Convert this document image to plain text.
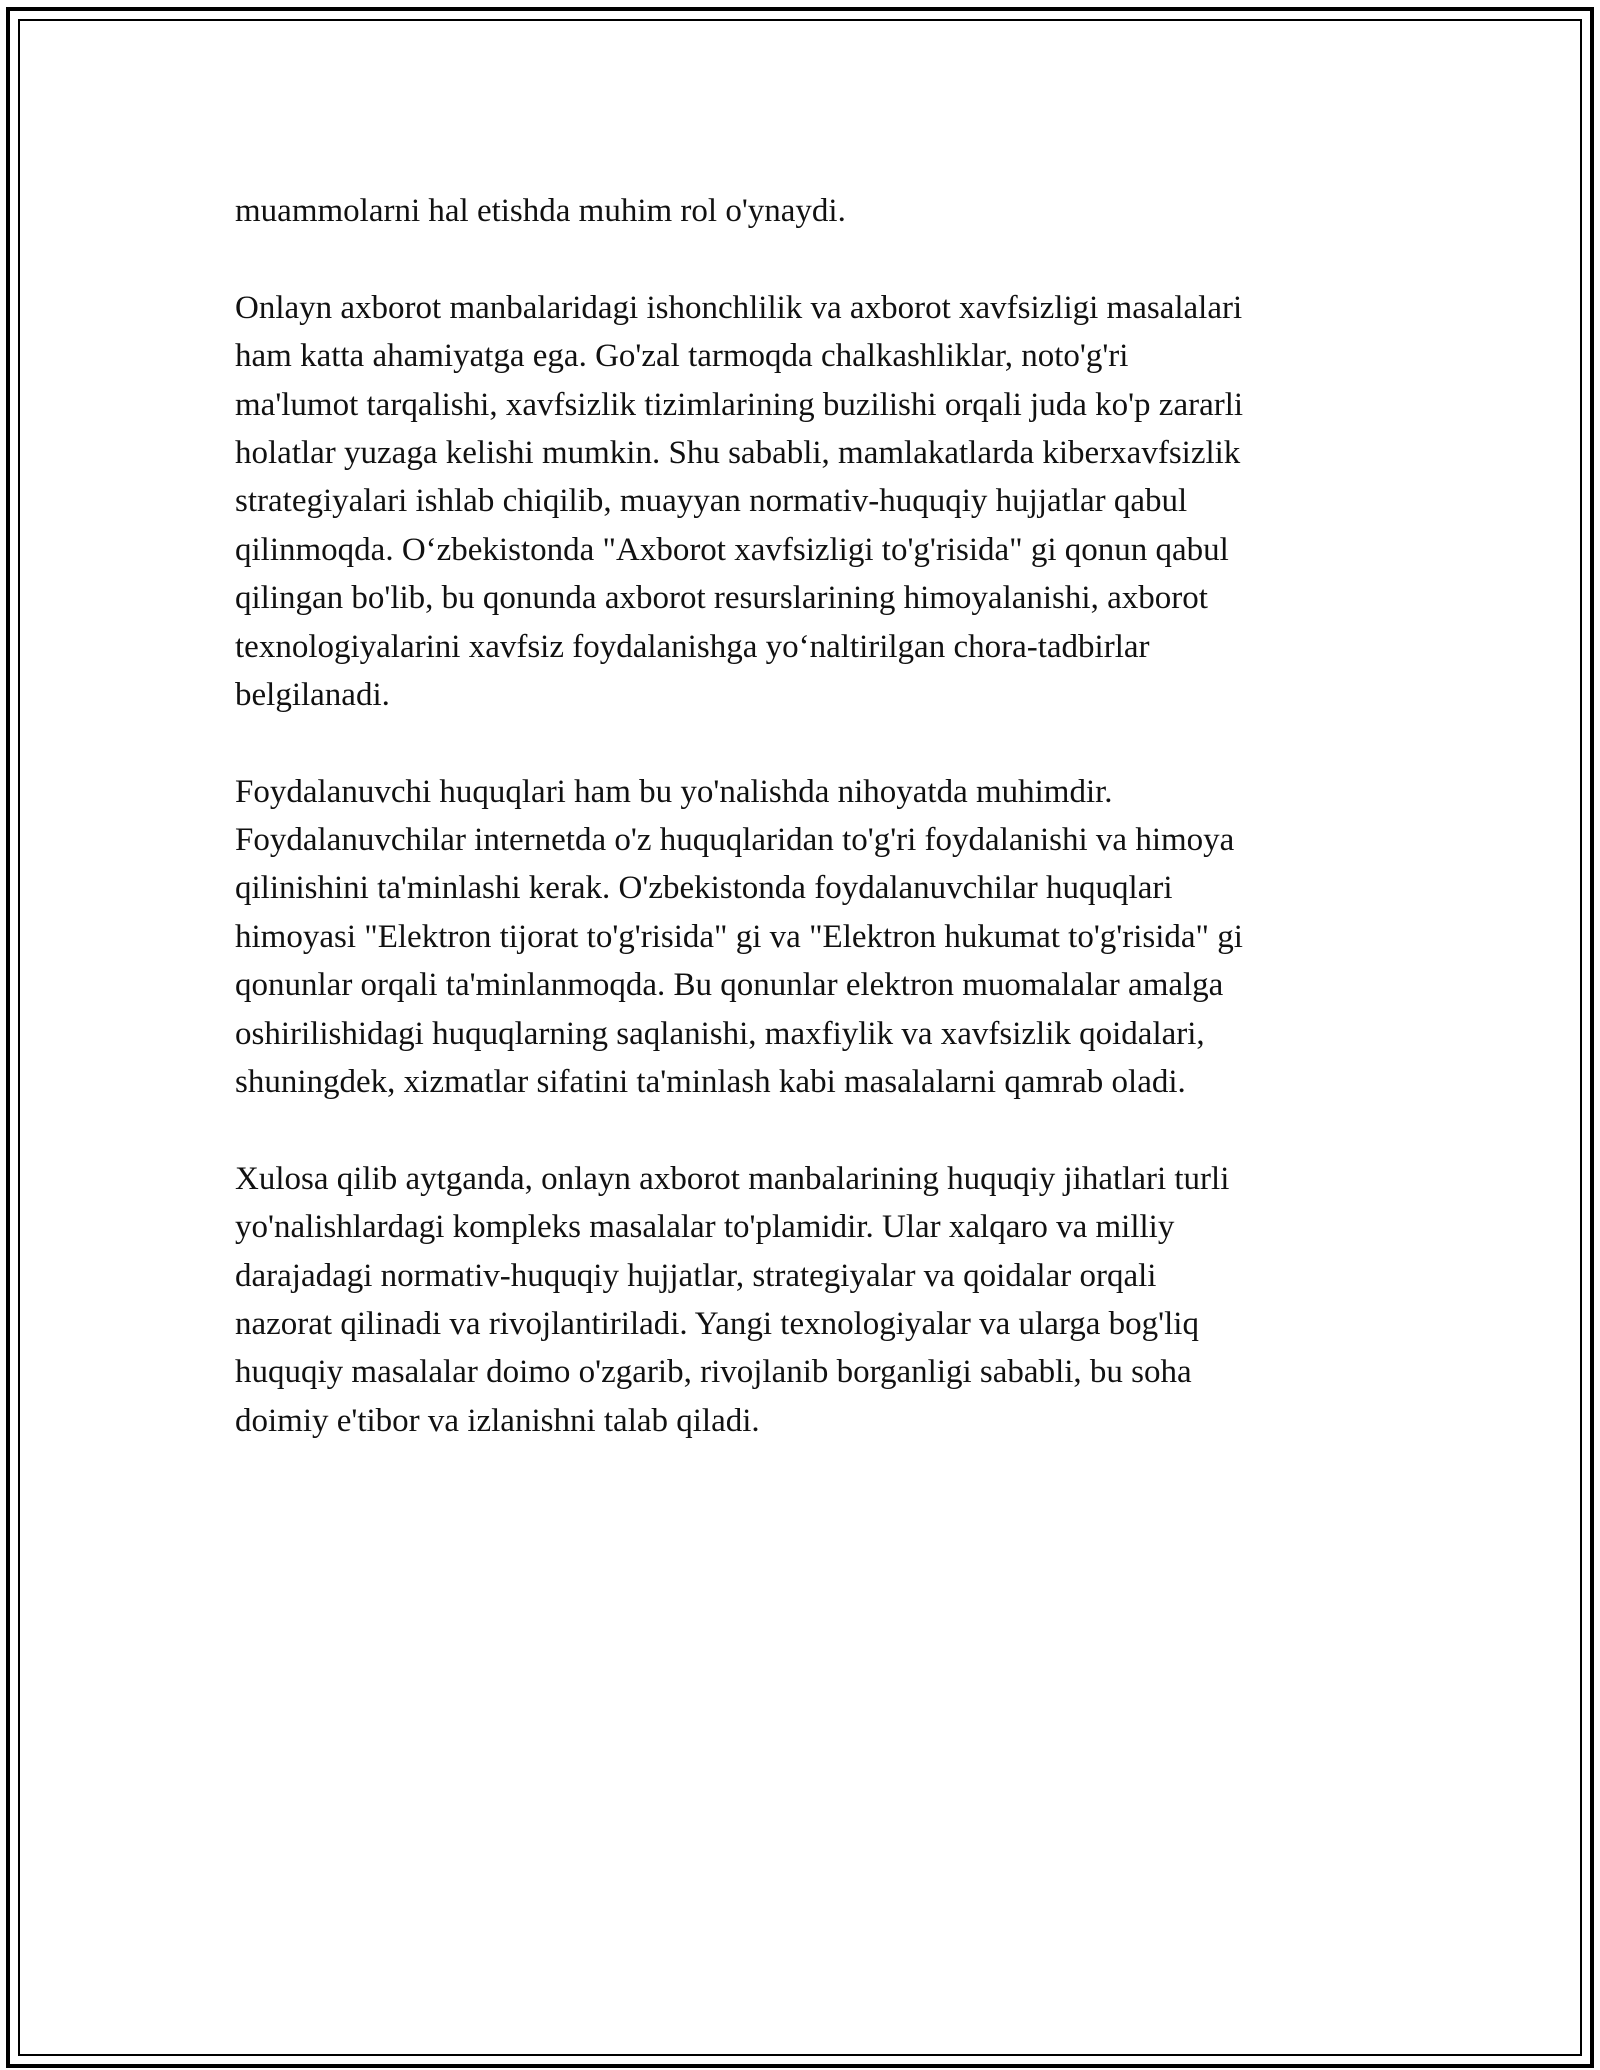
muammolarni hal etishda muhim rol o'ynaydi.
Onlayn axborot manbalaridagi ishonchlilik va axborot xavfsizligi masalalari
ham katta ahamiyatga ega. Go'zal tarmoqda chalkashliklar, noto'g'ri
ma'lumot tarqalishi, xavfsizlik tizimlarining buzilishi orqali juda ko'p zararli
holatlar yuzaga kelishi mumkin. Shu sababli, mamlakatlarda kiberxavfsizlik
strategiyalari ishlab chiqilib, muayyan normativ-huquqiy hujjatlar qabul
qilinmoqda. O‘zbekistonda "Axborot xavfsizligi to'g'risida" gi qonun qabul
qilingan bo'lib, bu qonunda axborot resurslarining himoyalanishi, axborot
texnologiyalarini xavfsiz foydalanishga yo‘naltirilgan chora-tadbirlar
belgilanadi.
Foydalanuvchi huquqlari ham bu yo'nalishda nihoyatda muhimdir.
Foydalanuvchilar internetda o'z huquqlaridan to'g'ri foydalanishi va himoya
qilinishini ta'minlashi kerak. O'zbekistonda foydalanuvchilar huquqlari
himoyasi "Elektron tijorat to'g'risida" gi va "Elektron hukumat to'g'risida" gi
qonunlar orqali ta'minlanmoqda. Bu qonunlar elektron muomalalar amalga
oshirilishidagi huquqlarning saqlanishi, maxfiylik va xavfsizlik qoidalari,
shuningdek, xizmatlar sifatini ta'minlash kabi masalalarni qamrab oladi.
Xulosa qilib aytganda, onlayn axborot manbalarining huquqiy jihatlari turli
yo'nalishlardagi kompleks masalalar to'plamidir. Ular xalqaro va milliy
darajadagi normativ-huquqiy hujjatlar, strategiyalar va qoidalar orqali
nazorat qilinadi va rivojlantiriladi. Yangi texnologiyalar va ularga bog'liq
huquqiy masalalar doimo o'zgarib, rivojlanib borganligi sababli, bu soha
doimiy e'tibor va izlanishni talab qiladi.
